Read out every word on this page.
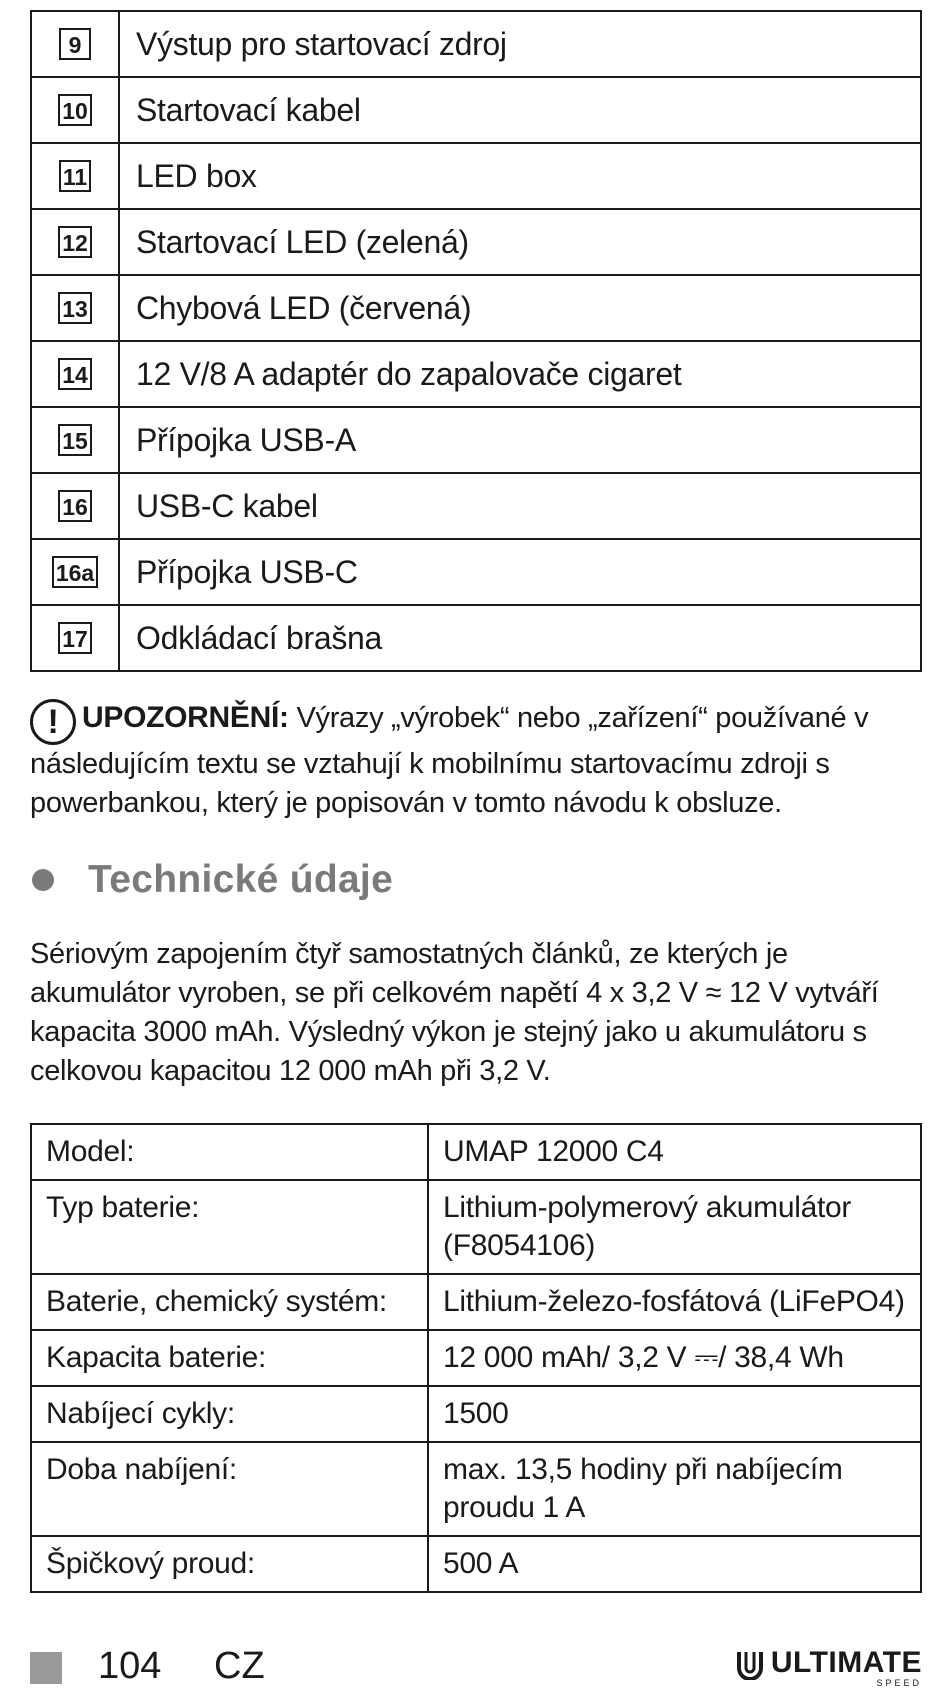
9	Výstup pro startovací zdroj
10	Startovací kabel
11	LED box
12	Startovací LED (zelená)
13	Chybová LED (červená)
14	12 V/8 A adaptér do zapalovače cigaret
15	Přípojka USB-A
16	USB-C kabel
16a	Přípojka USB-C
17	Odkládací brašna
! UPOZORNĚNÍ: Výrazy „výrobek“ nebo „zařízení“ používané v následujícím textu se vztahují k mobilnímu startovacímu zdroji s powerbankou, který je popisován v tomto návodu k obsluze.
Technické údaje
Sériovým zapojením čtyř samostatných článků, ze kterých je akumulátor vyroben, se při celkovém napětí 4 x 3,2 V ≈ 12 V vytváří kapacita 3000 mAh. Výsledný výkon je stejný jako u akumulátoru s celkovou kapacitou 12 000 mAh při 3,2 V.
Model:	UMAP 12000 C4
Typ baterie:	Lithium-polymerový akumulátor (F8054106)
Baterie, chemický systém:	Lithium-železo-fosfátová (LiFePO4)
Kapacita baterie:	12 000 mAh/ 3,2 V ⎓/ 38,4 Wh
Nabíjecí cykly:	1500
Doba nabíjení:	max. 13,5 hodiny při nabíjecím proudu 1 A
Špičkový proud:	500 A
104 CZ	ULTIMATE
SPEED
